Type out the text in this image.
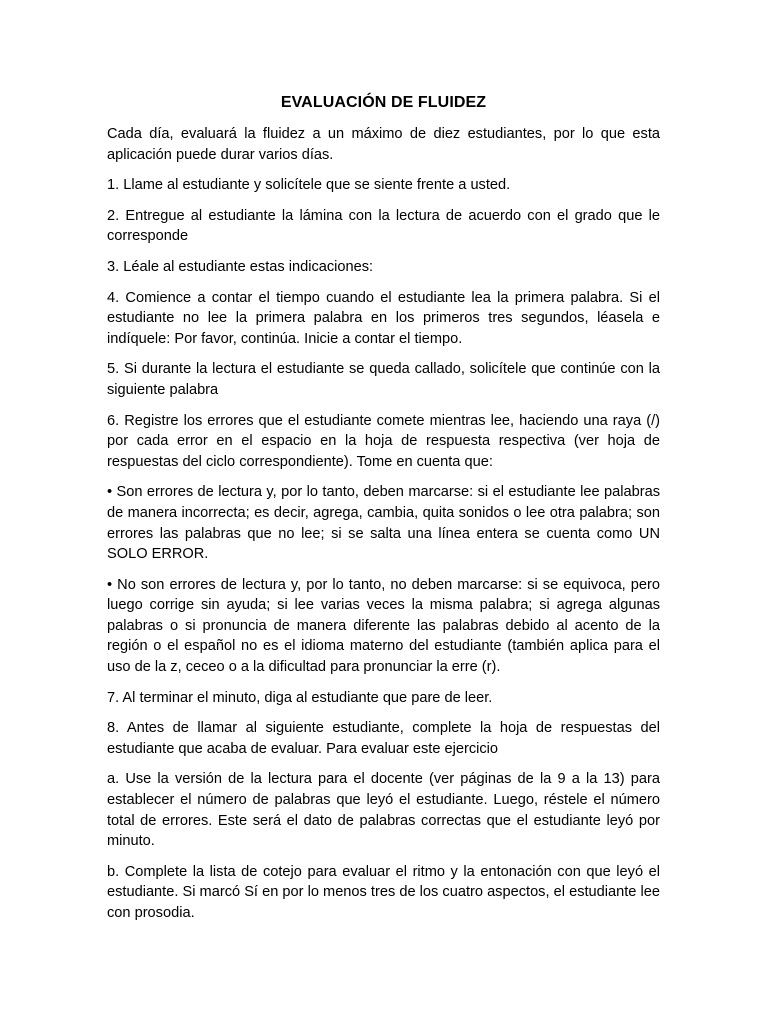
EVALUACIÓN DE FLUIDEZ

Cada día, evaluará la fluidez a un máximo de diez estudiantes, por lo que esta aplicación puede durar varios días.

1. Llame al estudiante y solicítele que se siente frente a usted.

2. Entregue al estudiante la lámina con la lectura de acuerdo con el grado que le corresponde

3. Léale al estudiante estas indicaciones:

4. Comience a contar el tiempo cuando el estudiante lea la primera palabra. Si el estudiante no lee la primera palabra en los primeros tres segundos, léasela e indíquele: Por favor, continúa. Inicie a contar el tiempo.

5. Si durante la lectura el estudiante se queda callado, solicítele que continúe con la siguiente palabra

6. Registre los errores que el estudiante comete mientras lee, haciendo una raya (/) por cada error en el espacio en la hoja de respuesta respectiva (ver hoja de respuestas del ciclo correspondiente). Tome en cuenta que:

• Son errores de lectura y, por lo tanto, deben marcarse: si el estudiante lee palabras de manera incorrecta; es decir, agrega, cambia, quita sonidos o lee otra palabra; son errores las palabras que no lee; si se salta una línea entera se cuenta como UN SOLO ERROR.

• No son errores de lectura y, por lo tanto, no deben marcarse: si se equivoca, pero luego corrige sin ayuda; si lee varias veces la misma palabra; si agrega algunas palabras o si pronuncia de manera diferente las palabras debido al acento de la región o el español no es el idioma materno del estudiante (también aplica para el uso de la z, ceceo o a la dificultad para pronunciar la erre (r).

7. Al terminar el minuto, diga al estudiante que pare de leer.

8. Antes de llamar al siguiente estudiante, complete la hoja de respuestas del estudiante que acaba de evaluar. Para evaluar este ejercicio

a. Use la versión de la lectura para el docente (ver páginas de la 9 a la 13) para establecer el número de palabras que leyó el estudiante. Luego, réstele el número total de errores. Este será el dato de palabras correctas que el estudiante leyó por minuto.

b. Complete la lista de cotejo para evaluar el ritmo y la entonación con que leyó el estudiante. Si marcó Sí en por lo menos tres de los cuatro aspectos, el estudiante lee con prosodia.
